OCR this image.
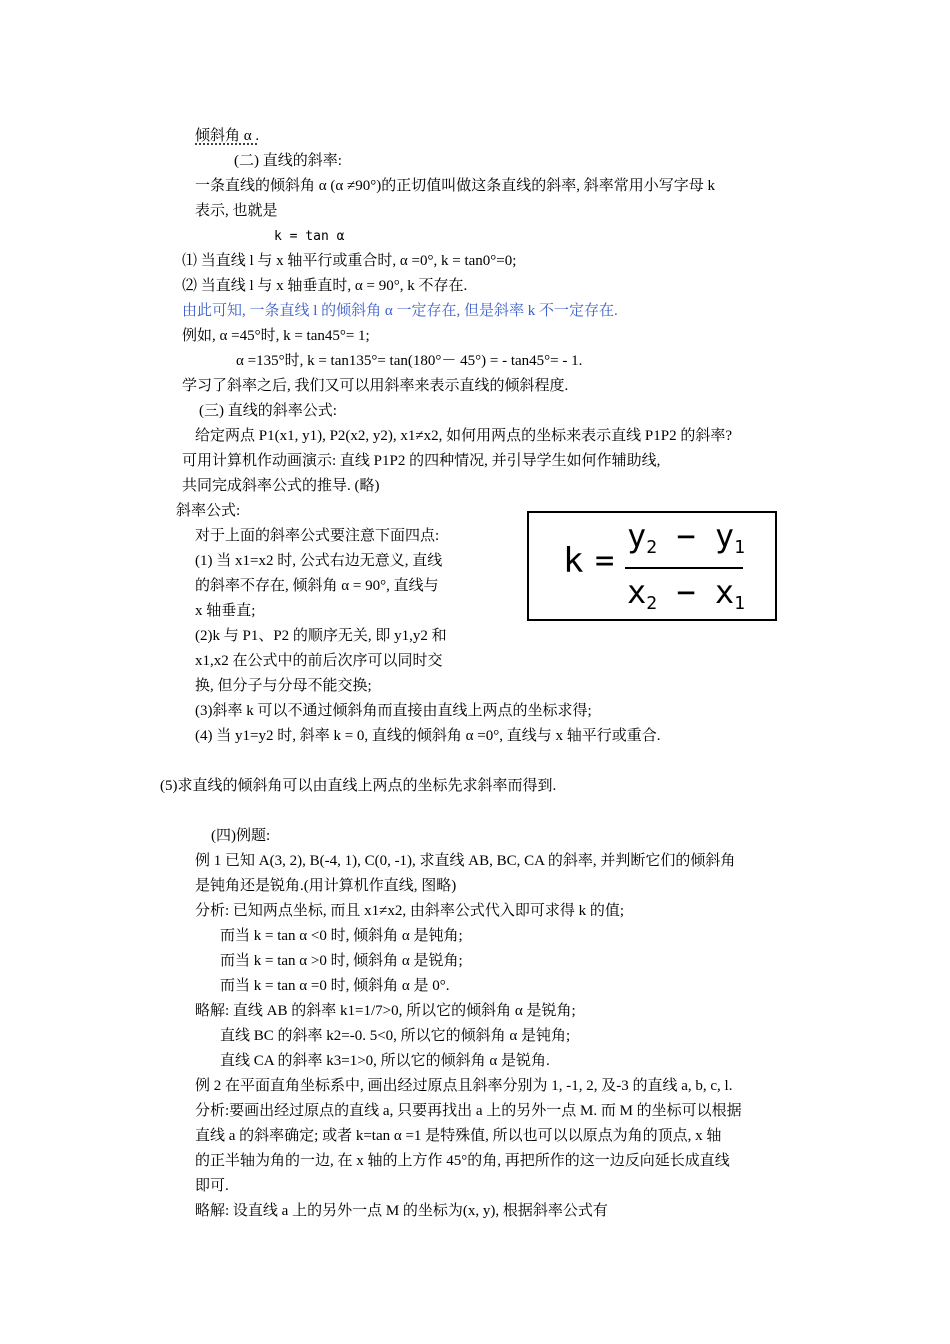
倾斜角 α .
(二) 直线的斜率:
一条直线的倾斜角 α (α ≠90°)的正切值叫做这条直线的斜率, 斜率常用小写字母 k
表示, 也就是
k = tan α
⑴ 当直线 l 与 x 轴平行或重合时, α =0°, k = tan0°=0;
⑵ 当直线 l 与 x 轴垂直时, α = 90°, k 不存在.
由此可知, 一条直线 l 的倾斜角 α 一定存在, 但是斜率 k 不一定存在.
例如, α =45°时, k = tan45°= 1;
α =135°时, k = tan135°= tan(180°－ 45°) = - tan45°= - 1.
学习了斜率之后, 我们又可以用斜率来表示直线的倾斜程度.
(三) 直线的斜率公式:
给定两点 P1(x1, y1), P2(x2, y2), x1≠x2, 如何用两点的坐标来表示直线 P1P2 的斜率?
可用计算机作动画演示: 直线 P1P2 的四种情况, 并引导学生如何作辅助线,
共同完成斜率公式的推导. (略)
斜率公式:
对于上面的斜率公式要注意下面四点:
(1) 当 x1=x2 时, 公式右边无意义, 直线
的斜率不存在, 倾斜角 α = 90°, 直线与
x 轴垂直;
(2)k 与 P1、P2 的顺序无关, 即 y1,y2 和
x1,x2 在公式中的前后次序可以同时交
换, 但分子与分母不能交换;
(3)斜率 k 可以不通过倾斜角而直接由直线上两点的坐标求得;
(4) 当 y1=y2 时, 斜率 k = 0, 直线的倾斜角 α =0°, 直线与 x 轴平行或重合.
(5)求直线的倾斜角可以由直线上两点的坐标先求斜率而得到.
(四)例题:
例 1 已知 A(3, 2), B(-4, 1), C(0, -1), 求直线 AB, BC, CA 的斜率, 并判断它们的倾斜角
是钝角还是锐角.(用计算机作直线, 图略)
分析: 已知两点坐标, 而且 x1≠x2, 由斜率公式代入即可求得 k 的值;
而当 k = tan α <0 时, 倾斜角 α 是钝角;
而当 k = tan α >0 时, 倾斜角 α 是锐角;
而当 k = tan α =0 时, 倾斜角 α 是 0°.
略解: 直线 AB 的斜率 k1=1/7>0, 所以它的倾斜角 α 是锐角;
直线 BC 的斜率 k2=-0. 5<0, 所以它的倾斜角 α 是钝角;
直线 CA 的斜率 k3=1>0, 所以它的倾斜角 α 是锐角.
例 2 在平面直角坐标系中, 画出经过原点且斜率分别为 1, -1, 2, 及-3 的直线 a, b, c, l.
分析:要画出经过原点的直线 a, 只要再找出 a 上的另外一点 M. 而 M 的坐标可以根据
直线 a 的斜率确定; 或者 k=tan α =1 是特殊值, 所以也可以以原点为角的顶点, x 轴
的正半轴为角的一边, 在 x 轴的上方作 45°的角, 再把所作的这一边反向延长成直线
即可.
略解: 设直线 a 上的另外一点 M 的坐标为(x, y), 根据斜率公式有
k =
$y_2 - y_1$
$x_2 - x_1$
